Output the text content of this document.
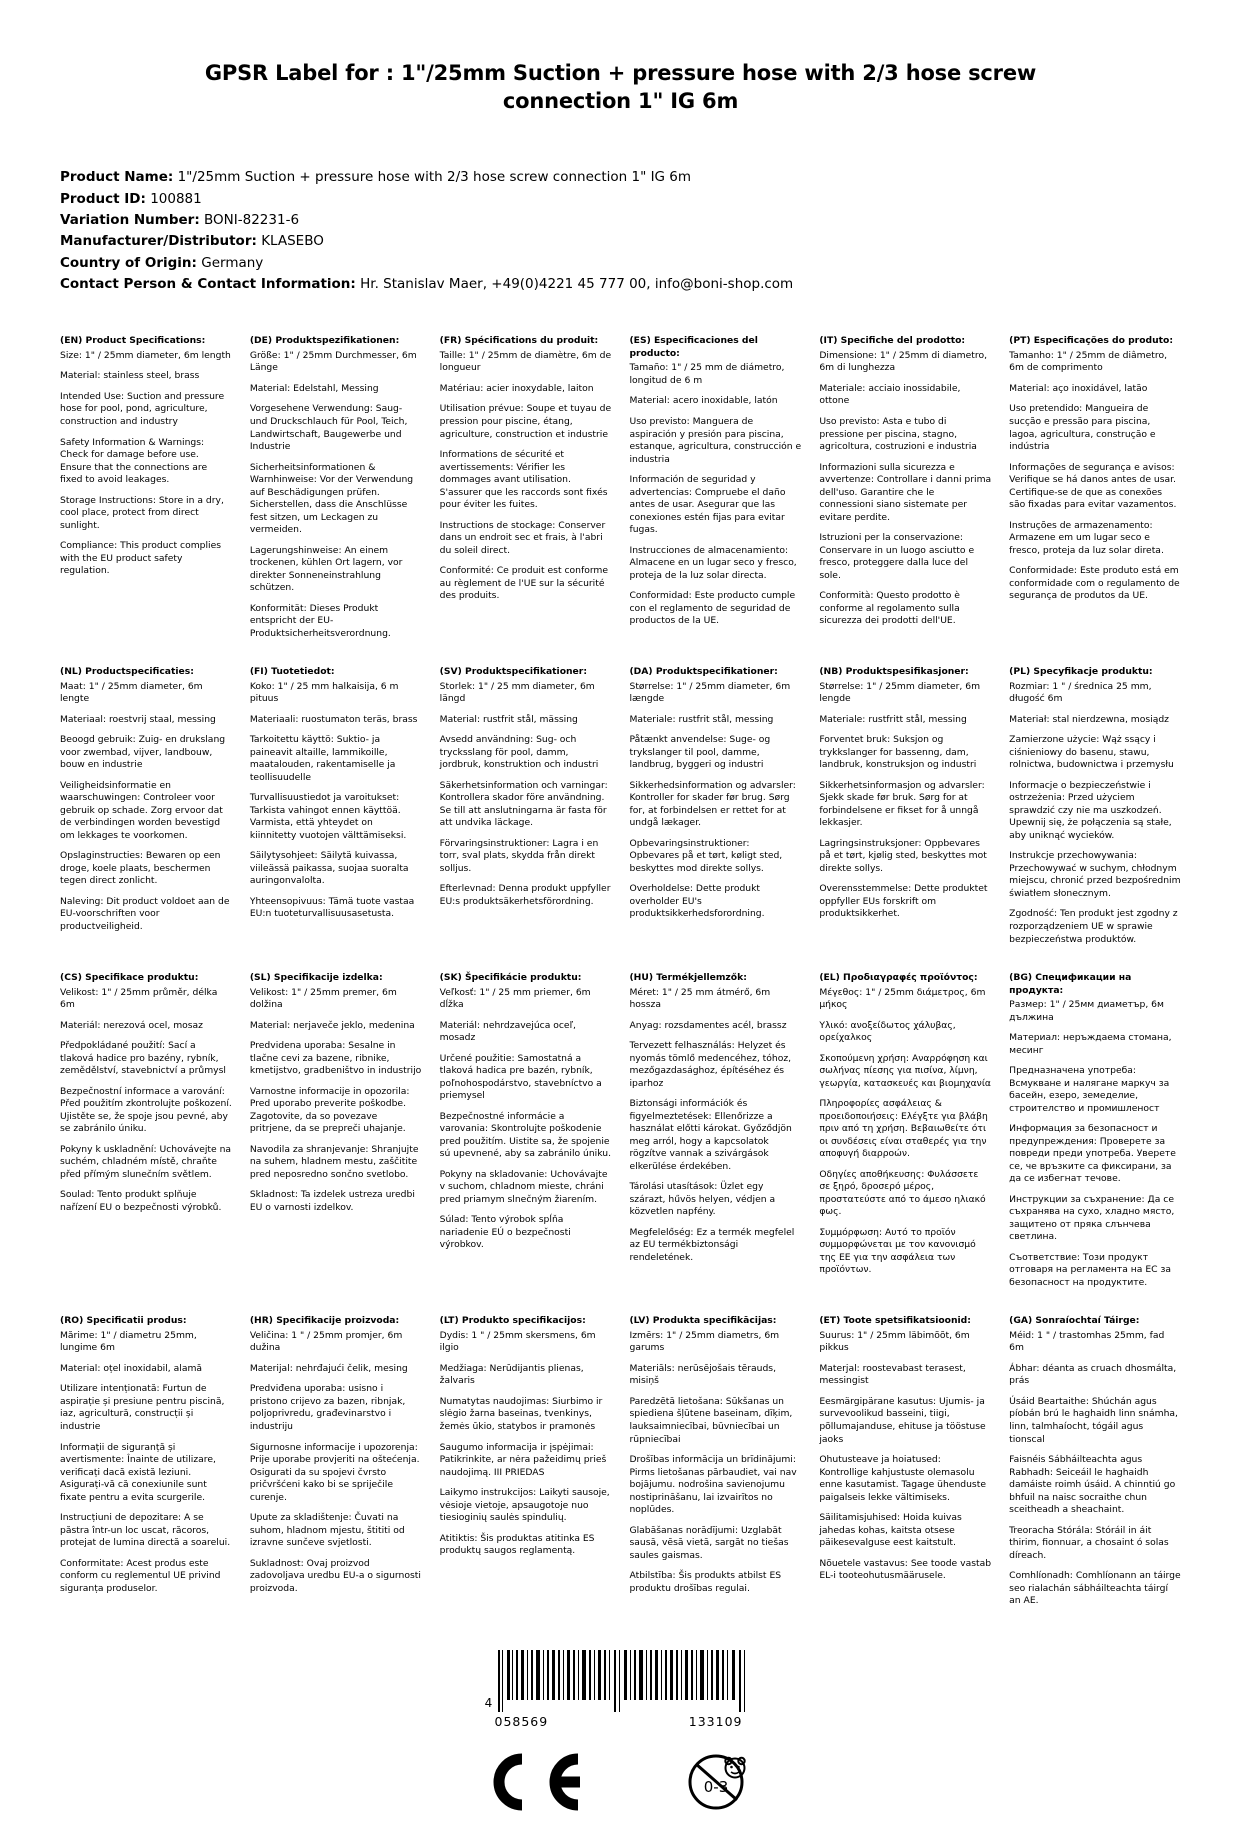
GPSR Label for : 1"/25mm Suction + pressure hose with 2/3 hose screw connection 1" IG 6m
Product Name: 1"/25mm Suction + pressure hose with 2/3 hose screw connection 1" IG 6m
Product ID: 100881
Variation Number: BONI-82231-6
Manufacturer/Distributor: KLASEBO
Country of Origin: Germany
Contact Person & Contact Information: Hr. Stanislav Maer, +49(0)4221 45 777 00, info@boni-shop.com
(EN) Product Specifications:

Size: 1" / 25mm diameter, 6m length

Material: stainless steel, brass

Intended Use: Suction and pressure hose for pool, pond, agriculture, construction and industry

Safety Information & Warnings: Check for damage before use. Ensure that the connections are fixed to avoid leakages.

Storage Instructions: Store in a dry, cool place, protect from direct sunlight.

Compliance: This product complies with the EU product safety regulation.

(DE) Produktspezifikationen:

Größe: 1" / 25mm Durchmesser, 6m Länge

Material: Edelstahl, Messing

Vorgesehene Verwendung: Saug- und Druckschlauch für Pool, Teich, Landwirtschaft, Baugewerbe und Industrie

Sicherheitsinformationen & Warnhinweise: Vor der Verwendung auf Beschädigungen prüfen. Sicherstellen, dass die Anschlüsse fest sitzen, um Leckagen zu vermeiden.

Lagerungshinweise: An einem trockenen, kühlen Ort lagern, vor direkter Sonneneinstrahlung schützen.

Konformität: Dieses Produkt entspricht der EU-Produktsicherheitsverordnung.

(FR) Spécifications du produit:

Taille: 1" / 25mm de diamètre, 6m de longueur

Matériau: acier inoxydable, laiton

Utilisation prévue: Soupe et tuyau de pression pour piscine, étang, agriculture, construction et industrie

Informations de sécurité et avertissements: Vérifier les dommages avant utilisation. S'assurer que les raccords sont fixés pour éviter les fuites.

Instructions de stockage: Conserver dans un endroit sec et frais, à l'abri du soleil direct.

Conformité: Ce produit est conforme au règlement de l'UE sur la sécurité des produits.

(ES) Especificaciones del producto:

Tamaño: 1" / 25 mm de diámetro, longitud de 6 m

Material: acero inoxidable, latón

Uso previsto: Manguera de aspiración y presión para piscina, estanque, agricultura, construcción e industria

Información de seguridad y advertencias: Compruebe el daño antes de usar. Asegurar que las conexiones estén fijas para evitar fugas.

Instrucciones de almacenamiento: Almacene en un lugar seco y fresco, proteja de la luz solar directa.

Conformidad: Este producto cumple con el reglamento de seguridad de productos de la UE.

(IT) Specifiche del prodotto:

Dimensione: 1" / 25mm di diametro, 6m di lunghezza

Materiale: acciaio inossidabile, ottone

Uso previsto: Asta e tubo di pressione per piscina, stagno, agricoltura, costruzioni e industria

Informazioni sulla sicurezza e avvertenze: Controllare i danni prima dell'uso. Garantire che le connessioni siano sistemate per evitare perdite.

Istruzioni per la conservazione: Conservare in un luogo asciutto e fresco, proteggere dalla luce del sole.

Conformità: Questo prodotto è conforme al regolamento sulla sicurezza dei prodotti dell'UE.

(PT) Especificações do produto:

Tamanho: 1" / 25mm de diâmetro, 6m de comprimento

Material: aço inoxidável, latão

Uso pretendido: Mangueira de sucção e pressão para piscina, lagoa, agricultura, construção e indústria

Informações de segurança e avisos: Verifique se há danos antes de usar. Certifique-se de que as conexões são fixadas para evitar vazamentos.

Instruções de armazenamento: Armazene em um lugar seco e fresco, proteja da luz solar direta.

Conformidade: Este produto está em conformidade com o regulamento de segurança de produtos da UE.

(NL) Productspecificaties:

Maat: 1" / 25mm diameter, 6m lengte

Materiaal: roestvrij staal, messing

Beoogd gebruik: Zuig- en drukslang voor zwembad, vijver, landbouw, bouw en industrie

Veiligheidsinformatie en waarschuwingen: Controleer voor gebruik op schade. Zorg ervoor dat de verbindingen worden bevestigd om lekkages te voorkomen.

Opslaginstructies: Bewaren op een droge, koele plaats, beschermen tegen direct zonlicht.

Naleving: Dit product voldoet aan de EU-voorschriften voor productveiligheid.

(FI) Tuotetiedot:

Koko: 1" / 25 mm halkaisija, 6 m pituus

Materiaali: ruostumaton teräs, brass

Tarkoitettu käyttö: Suktio- ja paineavit altaille, lammikoille, maatalouden, rakentamiselle ja teollisuudelle

Turvallisuustiedot ja varoitukset: Tarkista vahingot ennen käyttöä. Varmista, että yhteydet on kiinnitetty vuotojen välttämiseksi.

Säilytysohjeet: Säilytä kuivassa, viileässä paikassa, suojaa suoralta auringonvalolta.

Yhteensopivuus: Tämä tuote vastaa EU:n tuoteturvallisuusasetusta.

(SV) Produktspecifikationer:

Storlek: 1" / 25 mm diameter, 6m längd

Material: rustfrit stål, mässing

Avsedd användning: Sug- och trycksslang för pool, damm, jordbruk, konstruktion och industri

Säkerhetsinformation och varningar: Kontrollera skador före användning. Se till att anslutningarna är fasta för att undvika läckage.

Förvaringsinstruktioner: Lagra i en torr, sval plats, skydda från direkt solljus.

Efterlevnad: Denna produkt uppfyller EU:s produktsäkerhetsförordning.

(DA) Produktspecifikationer:

Størrelse: 1" / 25mm diameter, 6m længde

Materiale: rustfrit stål, messing

Påtænkt anvendelse: Suge- og trykslanger til pool, damme, landbrug, byggeri og industri

Sikkerhedsinformation og advarsler: Kontroller for skader før brug. Sørg for, at forbindelsen er rettet for at undgå lækager.

Opbevaringsinstruktioner: Opbevares på et tørt, køligt sted, beskyttes mod direkte sollys.

Overholdelse: Dette produkt overholder EU's produktsikkerhedsforordning.

(NB) Produktspesifikasjoner:

Størrelse: 1" / 25mm diameter, 6m lengde

Materiale: rustfritt stål, messing

Forventet bruk: Suksjon og trykkslanger for bassenng, dam, landbruk, konstruksjon og industri

Sikkerhetsinformasjon og advarsler: Sjekk skade før bruk. Sørg for at forbindelsene er fikset for å unngå lekkasjer.

Lagringsinstruksjoner: Oppbevares på et tørt, kjølig sted, beskyttes mot direkte sollys.

Overensstemmelse: Dette produktet oppfyller EUs forskrift om produktsikkerhet.

(PL) Specyfikacje produktu:

Rozmiar: 1 " / średnica 25 mm, długość 6m

Materiał: stal nierdzewna, mosiądz

Zamierzone użycie: Wąż ssący i ciśnieniowy do basenu, stawu, rolnictwa, budownictwa i przemysłu

Informacje o bezpieczeństwie i ostrzeżenia: Przed użyciem sprawdzić czy nie ma uszkodzeń. Upewnij się, że połączenia są stałe, aby uniknąć wycieków.

Instrukcje przechowywania: Przechowywać w suchym, chłodnym miejscu, chronić przed bezpośrednim światłem słonecznym.

Zgodność: Ten produkt jest zgodny z rozporządzeniem UE w sprawie bezpieczeństwa produktów.

(CS) Specifikace produktu:

Velikost: 1" / 25mm průměr, délka 6m

Materiál: nerezová ocel, mosaz

Předpokládané použití: Sací a tlaková hadice pro bazény, rybník, zemědělství, stavebnictví a průmysl

Bezpečnostní informace a varování: Před použitím zkontrolujte poškození. Ujistěte se, že spoje jsou pevné, aby se zabránilo úniku.

Pokyny k uskladnění: Uchovávejte na suchém, chladném místě, chraňte před přímým slunečním světlem.

Soulad: Tento produkt splňuje nařízení EU o bezpečnosti výrobků.

(SL) Specifikacije izdelka:

Velikost: 1" / 25mm premer, 6m dolžina

Material: nerjaveče jeklo, medenina

Predvidena uporaba: Sesalne in tlačne cevi za bazene, ribnike, kmetijstvo, gradbeništvo in industrijo

Varnostne informacije in opozorila: Pred uporabo preverite poškodbe. Zagotovite, da so povezave pritrjene, da se prepreči uhajanje.

Navodila za shranjevanje: Shranjujte na suhem, hladnem mestu, zaščitite pred neposredno sončno svetlobo.

Skladnost: Ta izdelek ustreza uredbi EU o varnosti izdelkov.

(SK) Špecifikácie produktu:

Veľkosť: 1" / 25 mm priemer, 6m dĺžka

Materiál: nehrdzavejúca oceľ, mosadz

Určené použitie: Samostatná a tlaková hadica pre bazén, rybník, poľnohospodárstvo, stavebníctvo a priemysel

Bezpečnostné informácie a varovania: Skontrolujte poškodenie pred použitím. Uistite sa, že spojenie sú upevnené, aby sa zabránilo úniku.

Pokyny na skladovanie: Uchovávajte v suchom, chladnom mieste, chráni pred priamym slnečným žiarením.

Súlad: Tento výrobok spĺňa nariadenie EÚ o bezpečnosti výrobkov.

(HU) Termékjellemzők:

Méret: 1" / 25 mm átmérő, 6m hossza

Anyag: rozsdamentes acél, brassz

Tervezett felhasználás: Helyzet és nyomás tömlő medencéhez, tóhoz, mezőgazdasághoz, építéséhez és iparhoz

Biztonsági információk és figyelmeztetések: Ellenőrizze a használat előtti károkat. Győződjön meg arról, hogy a kapcsolatok rögzítve vannak a szivárgások elkerülése érdekében.

Tárolási utasítások: Üzlet egy szárazt, hűvös helyen, védjen a közvetlen napfény.

Megfelelőség: Ez a termék megfelel az EU termékbiztonsági rendeletének.

(EL) Προδιαγραφές προϊόντος:

Μέγεθος: 1" / 25mm διάμετρος, 6m μήκος

Υλικό: ανοξείδωτος χάλυβας, ορείχαλκος

Σκοπούμενη χρήση: Αναρρόφηση και σωλήνας πίεσης για πισίνα, λίμνη, γεωργία, κατασκευές και βιομηχανία

Πληροφορίες ασφάλειας & προειδοποιήσεις: Ελέγξτε για βλάβη πριν από τη χρήση. Βεβαιωθείτε ότι οι συνδέσεις είναι σταθερές για την αποφυγή διαρροών.

Οδηγίες αποθήκευσης: Φυλάσσετε σε ξηρό, δροσερό μέρος, προστατεύστε από το άμεσο ηλιακό φως.

Συμμόρφωση: Αυτό το προϊόν συμμορφώνεται με τον κανονισμό της ΕΕ για την ασφάλεια των προϊόντων.

(BG) Спецификации на продукта:

Размер: 1" / 25мм диаметър, 6м дължина

Материал: неръждаема стомана, месинг

Предназначена употреба: Всмукване и налягане маркуч за басейн, езеро, земеделие, строителство и промишленост

Информация за безопасност и предупреждения: Проверете за повреди преди употреба. Уверете се, че връзките са фиксирани, за да се избегнат течове.

Инструкции за съхранение: Да се съхранява на сухо, хладно място, защитено от пряка слънчева светлина.

Съответствие: Този продукт отговаря на регламента на ЕС за безопасност на продуктите.

(RO) Specificatii produs:

Mărime: 1" / diametru 25mm, lungime 6m

Material: oțel inoxidabil, alamă

Utilizare intenționată: Furtun de aspirație și presiune pentru piscină, iaz, agricultură, construcții și industrie

Informații de siguranță și avertismente: Înainte de utilizare, verificați dacă există leziuni. Asigurați-vă că conexiunile sunt fixate pentru a evita scurgerile.

Instrucțiuni de depozitare: A se păstra într-un loc uscat, răcoros, protejat de lumina directă a soarelui.

Conformitate: Acest produs este conform cu reglementul UE privind siguranța produselor.

(HR) Specifikacije proizvoda:

Veličina: 1 " / 25mm promjer, 6m dužina

Materijal: nehrđajući čelik, mesing

Predviđena uporaba: usisno i pristono crijevo za bazen, ribnjak, poljoprivredu, građevinarstvo i industriju

Sigurnosne informacije i upozorenja: Prije uporabe provjeriti na oštećenja. Osigurati da su spojevi čvrsto pričvršćeni kako bi se spriječile curenje.

Upute za skladištenje: Čuvati na suhom, hladnom mjestu, štititi od izravne sunčeve svjetlosti.

Sukladnost: Ovaj proizvod zadovoljava uredbu EU-a o sigurnosti proizvoda.

(LT) Produkto specifikacijos:

Dydis: 1 " / 25mm skersmens, 6m ilgio

Medžiaga: Nerūdijantis plienas, žalvaris

Numatytas naudojimas: Siurbimo ir slėgio žarna baseinas, tvenkinys, žemės ūkio, statybos ir pramonės

Saugumo informacija ir įspėjimai: Patikrinkite, ar nėra pažeidimų prieš naudojimą. III PRIEDAS

Laikymo instrukcijos: Laikyti sausoje, vėsioje vietoje, apsaugotoje nuo tiesioginių saulės spindulių.

Atitiktis: Šis produktas atitinka ES produktų saugos reglamentą.

(LV) Produkta specifikācijas:

Izmērs: 1" / 25mm diametrs, 6m garums

Materiāls: nerūsējošais tērauds, misiņš

Paredzētā lietošana: Sūkšanas un spiediena šļūtene baseinam, dīķim, lauksaimniecībai, būvniecībai un rūpniecībai

Drošības informācija un brīdinājumi: Pirms lietošanas pārbaudiet, vai nav bojājumu. nodrošina savienojumu nostiprināšanu, lai izvairītos no noplūdes.

Glabāšanas norādījumi: Uzglabāt sausā, vēsā vietā, sargāt no tiešas saules gaismas.

Atbilstība: Šis produkts atbilst ES produktu drošības regulai.

(ET) Toote spetsifikatsioonid:

Suurus: 1" / 25mm läbimõõt, 6m pikkus

Materjal: roostevabast terasest, messingist

Eesmärgipärane kasutus: Ujumis- ja survevoolikud basseini, tiigi, põllumajanduse, ehituse ja tööstuse jaoks

Ohutusteave ja hoiatused: Kontrollige kahjustuste olemasolu enne kasutamist. Tagage ühenduste paigalseis lekke vältimiseks.

Säilitamisjuhised: Hoida kuivas jahedas kohas, kaitsta otsese päikesevalguse eest kaitstult.

Nõuetele vastavus: See toode vastab EL-i tooteohutusmäärusele.

(GA) Sonraíochtaí Táirge:

Méid: 1 " / trastomhas 25mm, fad 6m

Ábhar: déanta as cruach dhosmálta, prás

Úsáid Beartaithe: Shúchán agus píobán brú le haghaidh linn snámha, linn, talmhaíocht, tógáil agus tionscal

Faisnéis Sábháilteachta agus Rabhadh: Seiceáil le haghaidh damáiste roimh úsáid. A chinntiú go bhfuil na naisc socraithe chun sceitheadh a sheachaint.

Treoracha Stórála: Stóráil in áit thirim, fionnuar, a chosaint ó solas díreach.

Comhlíonadh: Comhlíonann an táirge seo rialachán sábháilteachta táirgí an AE.

4
058569	133109
0-3
